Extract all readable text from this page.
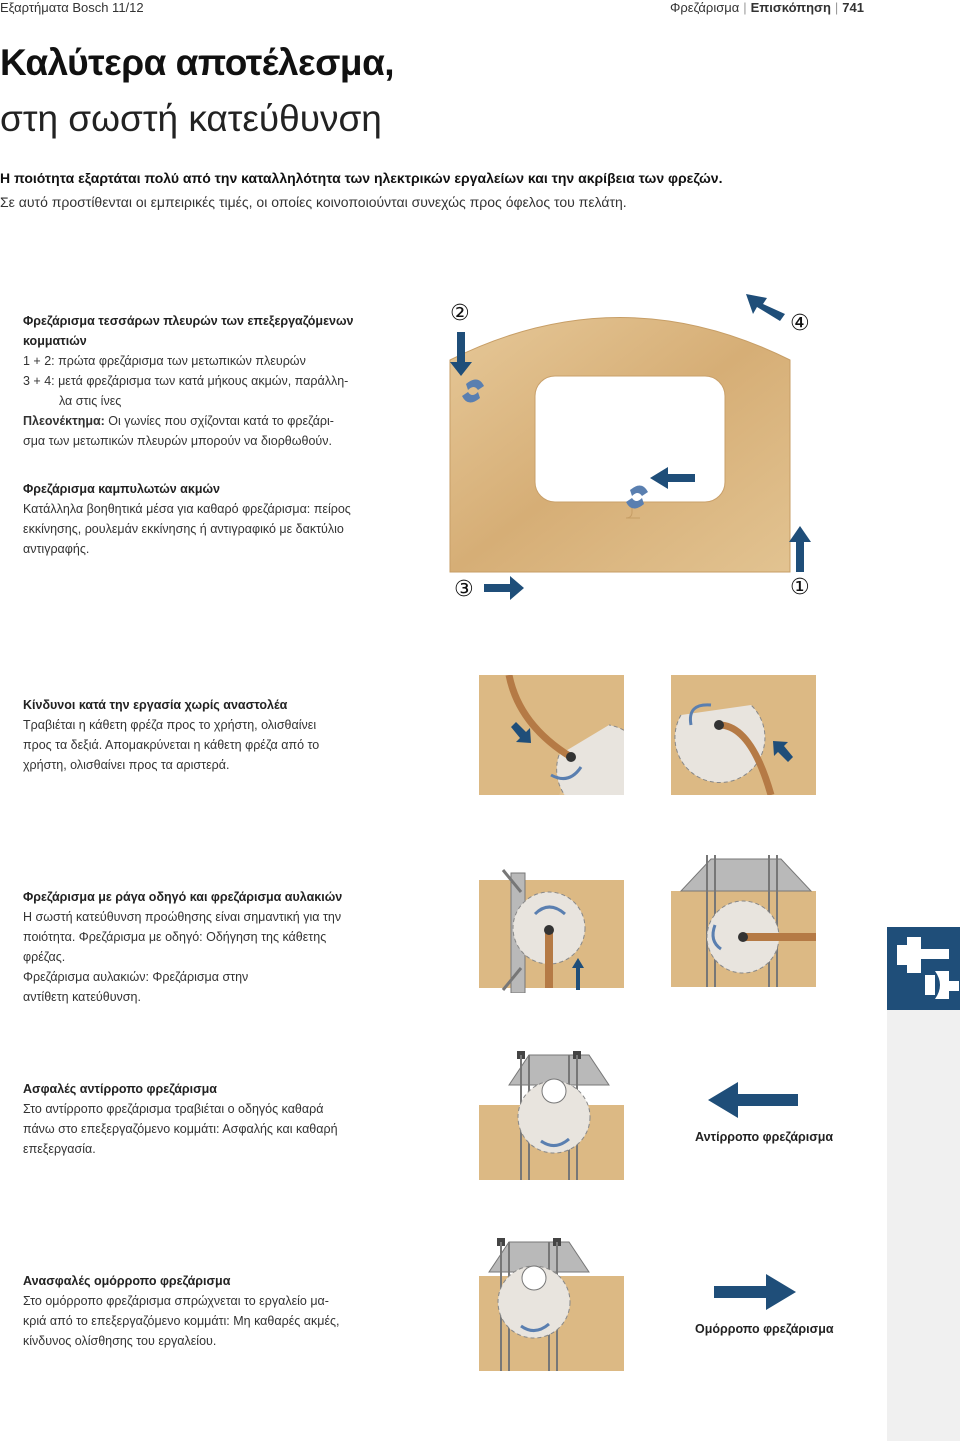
Εξαρτήματα Bosch 11/12	Φρεζάρισμα | Επισκόπηση | 741
Καλύτερα αποτέλεσμα,
στη σωστή κατεύθυνση
Η ποιότητα εξαρτάται πολύ από την καταλληλότητα των ηλεκτρικών εργαλείων και την ακρίβεια των φρεζών.
Σε αυτό προστίθενται οι εμπειρικές τιμές, οι οποίες κοινοποιούνται συνεχώς προς όφελος του πελάτη.
Φρεζάρισμα τεσσάρων πλευρών των επεξεργαζόμενων
κομματιών
1 + 2: πρώτα φρεζάρισμα των μετωπικών πλευρών
3 + 4: μετά φρεζάρισμα των κατά μήκους ακμών, παράλλη-
λα στις ίνες
Πλεονέκτημα: Οι γωνίες που σχίζονται κατά το φρεζάρι-
σμα των μετωπικών πλευρών μπορούν να διορθωθούν.
②	④
③	①
Φρεζάρισμα καμπυλωτών ακμών
Κατάλληλα βοηθητικά μέσα για καθαρό φρεζάρισμα: πείρος
εκκίνησης, ρουλεμάν εκκίνησης ή αντιγραφικό με δακτύλιο
αντιγραφής.
Κίνδυνοι κατά την εργασία χωρίς αναστολέα
Τραβιέται η κάθετη φρέζα προς το χρήστη, ολισθαίνει
προς τα δεξιά. Απομακρύνεται η κάθετη φρέζα από το
χρήστη, ολισθαίνει προς τα αριστερά.
Φρεζάρισμα με ράγα οδηγό και φρεζάρισμα αυλακιών
Η σωστή κατεύθυνση προώθησης είναι σημαντική για την
ποιότητα. Φρεζάρισμα με οδηγό: Οδήγηση της κάθετης
φρέζας.
Φρεζάρισμα αυλακιών: Φρεζάρισμα στην
αντίθετη κατεύθυνση.
Ασφαλές αντίρροπο φρεζάρισμα
Στο αντίρροπο φρεζάρισμα τραβιέται ο οδηγός καθαρά
πάνω στο επεξεργαζόμενο κομμάτι: Ασφαλής και καθαρή
επεξεργασία.
Αντίρροπο φρεζάρισμα
Ανασφαλές ομόρροπο φρεζάρισμα
Στο ομόρροπο φρεζάρισμα σπρώχνεται το εργαλείο μα-
κριά από το επεξεργαζόμενο κομμάτι: Μη καθαρές ακμές,
κίνδυνος ολίσθησης του εργαλείου.
Ομόρροπο φρεζάρισμα
